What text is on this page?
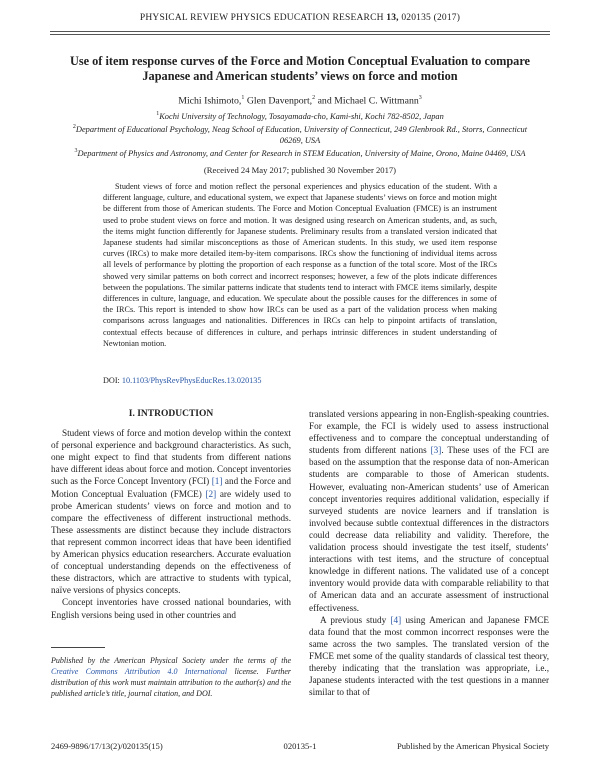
PHYSICAL REVIEW PHYSICS EDUCATION RESEARCH 13, 020135 (2017)
Use of item response curves of the Force and Motion Conceptual Evaluation to compare Japanese and American students’ views on force and motion
Michi Ishimoto,$^1$ Glen Davenport,$^2$ and Michael C. Wittmann$^3$
$^1$Kochi University of Technology, Tosayamada-cho, Kami-shi, Kochi 782-8502, Japan
$^2$Department of Educational Psychology, Neag School of Education, University of Connecticut, 249 Glenbrook Rd., Storrs, Connecticut 06269, USA
$^3$Department of Physics and Astronomy, and Center for Research in STEM Education, University of Maine, Orono, Maine 04469, USA
(Received 24 May 2017; published 30 November 2017)

Student views of force and motion reflect the personal experiences and physics education of the student. With a different language, culture, and educational system, we expect that Japanese students’ views on force and motion might be different from those of American students. The Force and Motion Conceptual Evaluation (FMCE) is an instrument used to probe student views on force and motion. It was designed using research on American students, and, as such, the items might function differently for Japanese students. Preliminary results from a translated version indicated that Japanese students had similar misconceptions as those of American students. In this study, we used item response curves (IRCs) to make more detailed item-by-item comparisons. IRCs show the functioning of individual items across all levels of performance by plotting the proportion of each response as a function of the total score. Most of the IRCs showed very similar patterns on both correct and incorrect responses; however, a few of the plots indicate differences between the populations. The similar patterns indicate that students tend to interact with FMCE items similarly, despite differences in culture, language, and education. We speculate about the possible causes for the differences in some of the IRCs. This report is intended to show how IRCs can be used as a part of the validation process when making comparisons across languages and nationalities. Differences in IRCs can help to pinpoint artifacts of translation, contextual effects because of differences in culture, and perhaps intrinsic differences in student understanding of Newtonian motion.

DOI: 10.1103/PhysRevPhysEducRes.13.020135
I. INTRODUCTION

Student views of force and motion develop within the context of personal experience and background characteristics. As such, one might expect to find that students from different nations have different ideas about force and motion. Concept inventories such as the Force Concept Inventory (FCI) [1] and the Force and Motion Conceptual Evaluation (FMCE) [2] are widely used to probe American students’ views on force and motion and to compare the effectiveness of different instructional methods. These assessments are distinct because they include distractors that represent common incorrect ideas that have been identified by American physics education researchers. Accurate evaluation of conceptual understanding depends on the effectiveness of these distractors, which are attractive to students with typical, naïve versions of physics concepts.

Concept inventories have crossed national boundaries, with English versions being used in other countries and

Published by the American Physical Society under the terms of the Creative Commons Attribution 4.0 International license. Further distribution of this work must maintain attribution to the author(s) and the published article’s title, journal citation, and DOI.

translated versions appearing in non-English-speaking countries. For example, the FCI is widely used to assess instructional effectiveness and to compare the conceptual understanding of students from different nations [3]. These uses of the FCI are based on the assumption that the response data of non-American students are comparable to those of American students. However, evaluating non-American students’ use of American concept inventories requires additional validation, especially if surveyed students are novice learners and if translation is involved because subtle contextual differences in the distractors could decrease data reliability and validity. Therefore, the validation process should investigate the test itself, students’ interactions with test items, and the structure of conceptual knowledge in different nations. The validated use of a concept inventory would provide data with comparable reliability to that of American data and an accurate assessment of instructional effectiveness.

A previous study [4] using American and Japanese FMCE data found that the most common incorrect responses were the same across the two samples. The translated version of the FMCE met some of the quality standards of classical test theory, thereby indicating that the translation was appropriate, i.e., Japanese students interacted with the test questions in a manner similar to that of

2469-9896/17/13(2)/020135(15)	020135-1	Published by the American Physical Society
